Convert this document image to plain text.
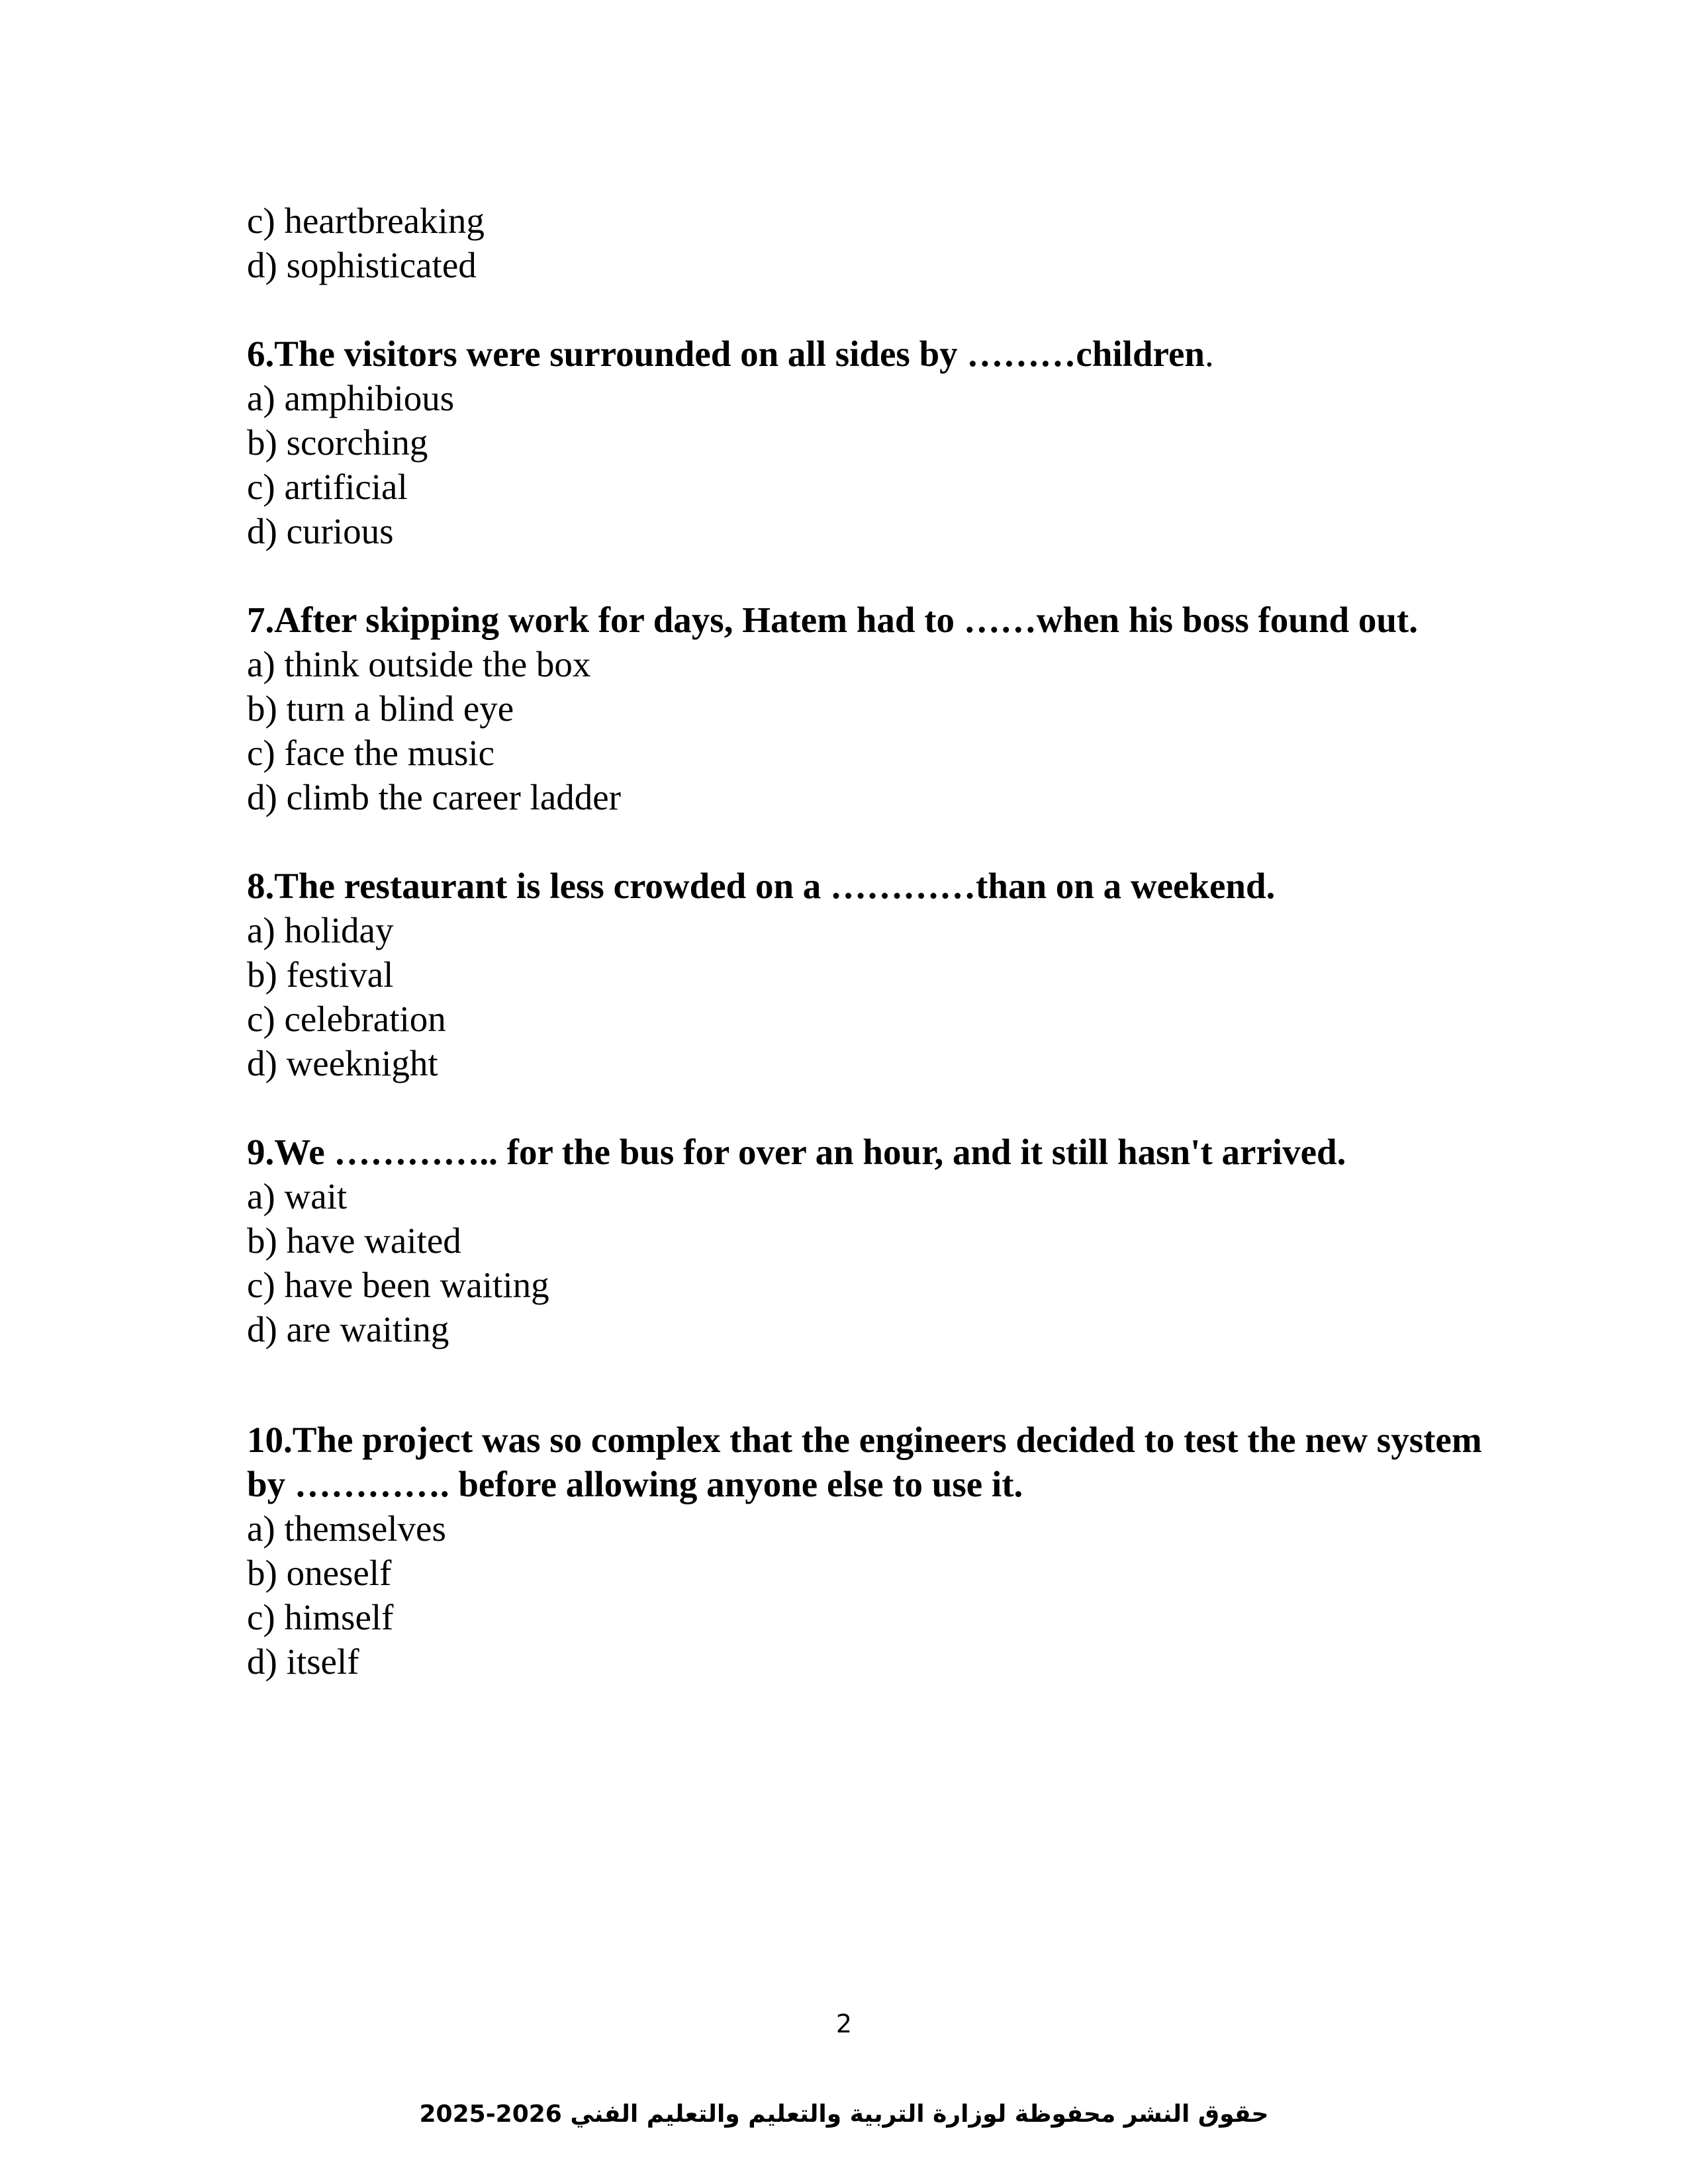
c) heartbreaking
d) sophisticated
6.The visitors were surrounded on all sides by ………children.
a) amphibious
b) scorching
c) artificial
d) curious
7.After skipping work for days, Hatem had to ……when his boss found out.
a) think outside the box
b) turn a blind eye
c) face the music
d) climb the career ladder
8.The restaurant is less crowded on a …………than on a weekend.
a) holiday
b) festival
c) celebration
d) weeknight
9.We ………….. for the bus for over an hour, and it still hasn't arrived.
a) wait
b) have waited
c) have been waiting
d) are waiting
10.The project was so complex that the engineers decided to test the new system by …………. before allowing anyone else to use it.
a) themselves
b) oneself
c) himself
d) itself
2
حقوق النشر محفوظة لوزارة التربية والتعليم والتعليم الفني 2026-2025
